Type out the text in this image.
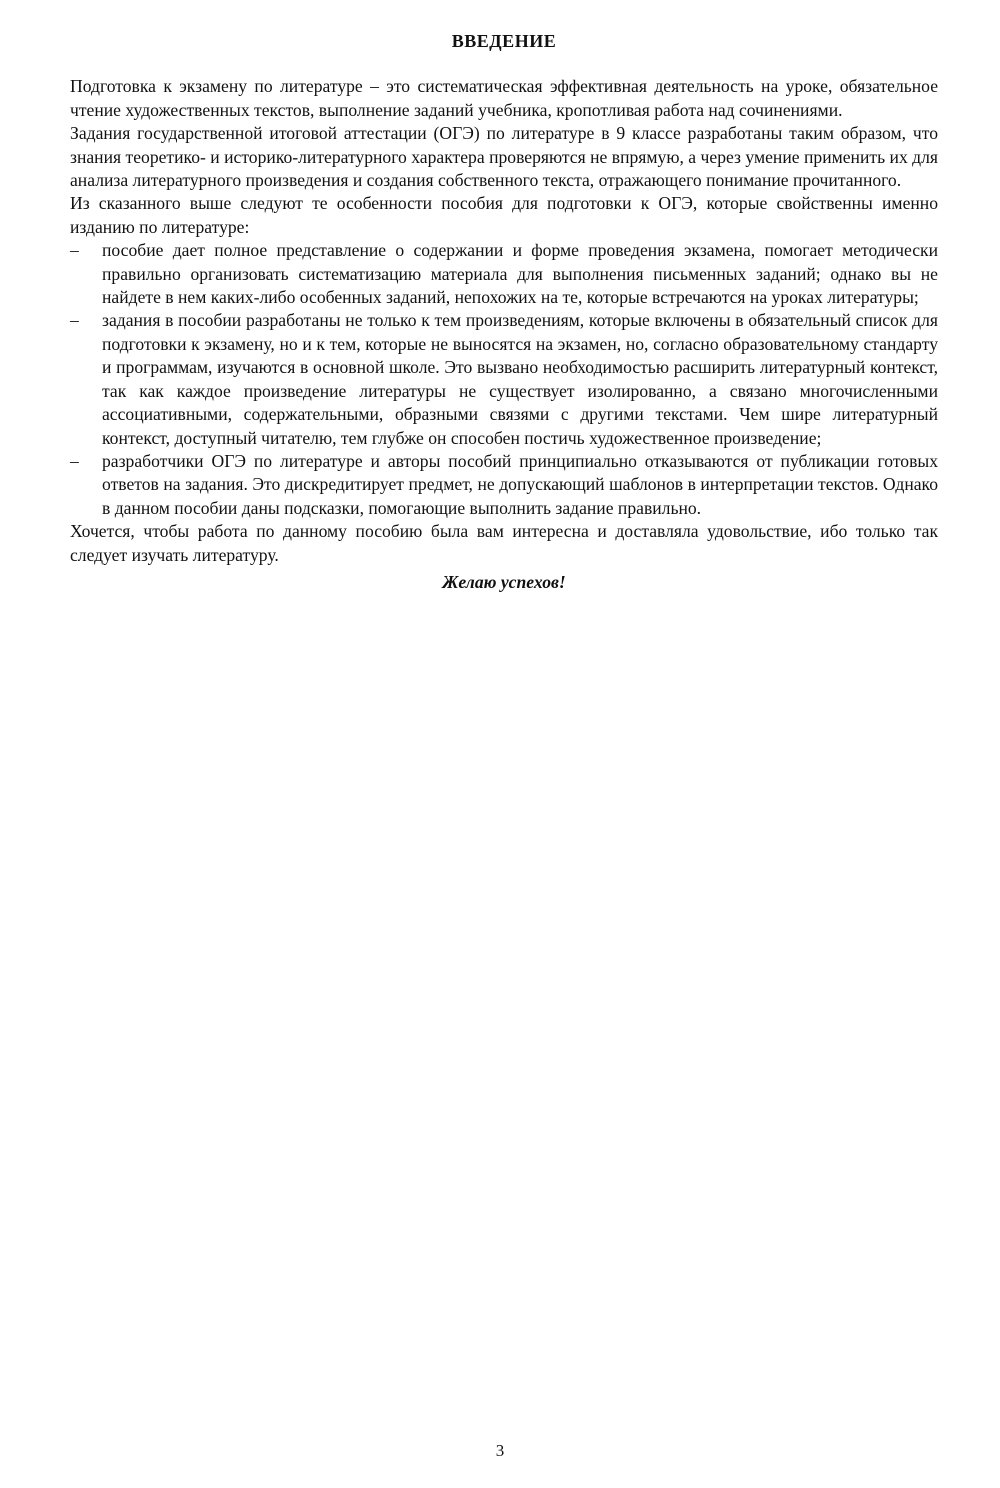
ВВЕДЕНИЕ

Подготовка к экзамену по литературе – это систематическая эффективная деятельность на уроке, обязательное чтение художественных текстов, выполнение заданий учебника, кропотливая работа над сочинениями.

Задания государственной итоговой аттестации (ОГЭ) по литературе в 9 классе разработаны таким образом, что знания теоретико- и историко-литературного характера проверяются не впрямую, а через умение применить их для анализа литературного произведения и создания собственного текста, отражающего понимание прочитанного.

Из сказанного выше следуют те особенности пособия для подготовки к ОГЭ, которые свойственны именно изданию по литературе:

– пособие дает полное представление о содержании и форме проведения экзамена, помогает методически правильно организовать систематизацию материала для выполнения письменных заданий; однако вы не найдете в нем каких-либо особенных заданий, непохожих на те, которые встречаются на уроках литературы;
– задания в пособии разработаны не только к тем произведениям, которые включены в обязательный список для подготовки к экзамену, но и к тем, которые не выносятся на экзамен, но, согласно образовательному стандарту и программам, изучаются в основной школе. Это вызвано необходимостью расширить литературный контекст, так как каждое произведение литературы не существует изолированно, а связано многочисленными ассоциативными, содержательными, образными связями с другими текстами. Чем шире литературный контекст, доступный читателю, тем глубже он способен постичь художественное произведение;
– разработчики ОГЭ по литературе и авторы пособий принципиально отказываются от публикации готовых ответов на задания. Это дискредитирует предмет, не допускающий шаблонов в интерпретации текстов. Однако в данном пособии даны подсказки, помогающие выполнить задание правильно.

Хочется, чтобы работа по данному пособию была вам интересна и доставляла удовольствие, ибо только так следует изучать литературу.

Желаю успехов!
3
